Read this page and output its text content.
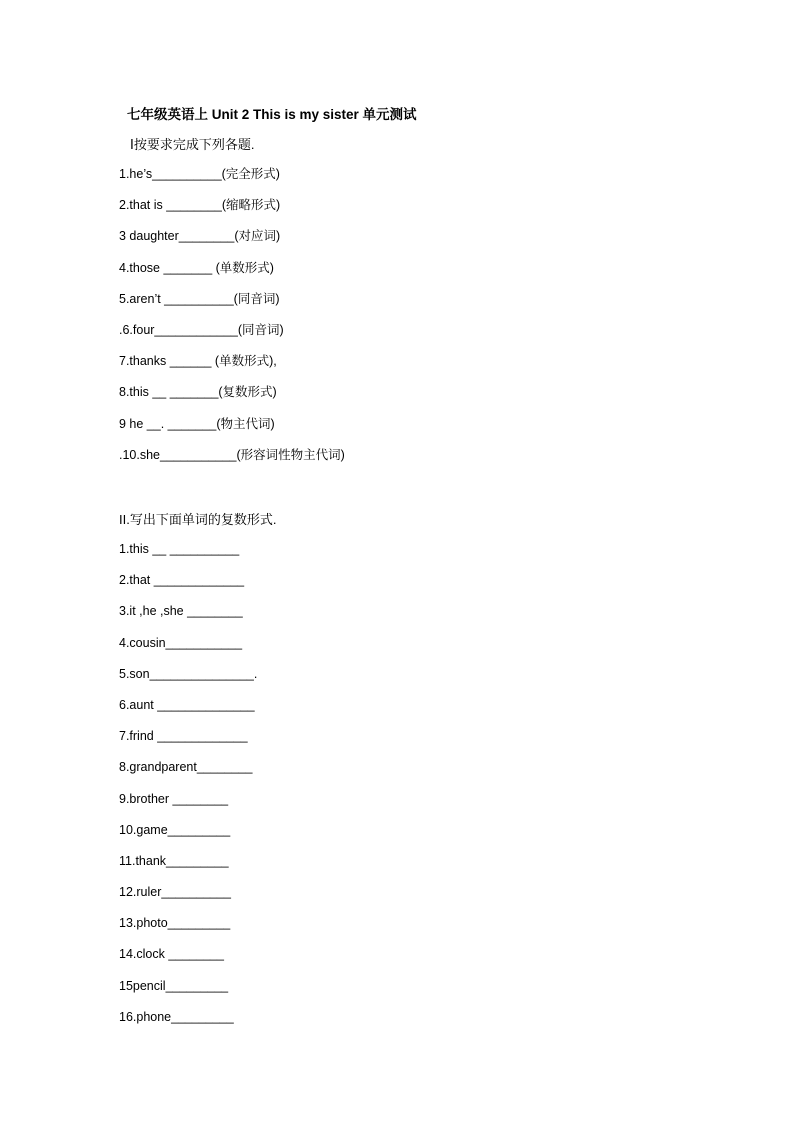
七年级英语上 Unit 2 This is my sister 单元测试
Ⅰ按要求完成下列各题.
1.he’s__________(完全形式)
2.that is ________(缩略形式)
3 daughter________(对应词)
4.those _______ (单数形式)
5.aren’t __________(同音词)
.6.four____________(同音词)
7.thanks ______ (单数形式),
8.this __ _______(复数形式)
9 he __. _______(物主代词)
.10.she___________(形容词性物主代词)
II.写出下面单词的复数形式.
1.this __ __________
2.that _____________
3.it ,he ,she ________
4.cousin___________
5.son_______________.
6.aunt ______________
7.frind _____________
8.grandparent________
9.brother ________
10.game_________
11.thank_________
12.ruler__________
13.photo_________
14.clock ________
15pencil_________
16.phone_________
